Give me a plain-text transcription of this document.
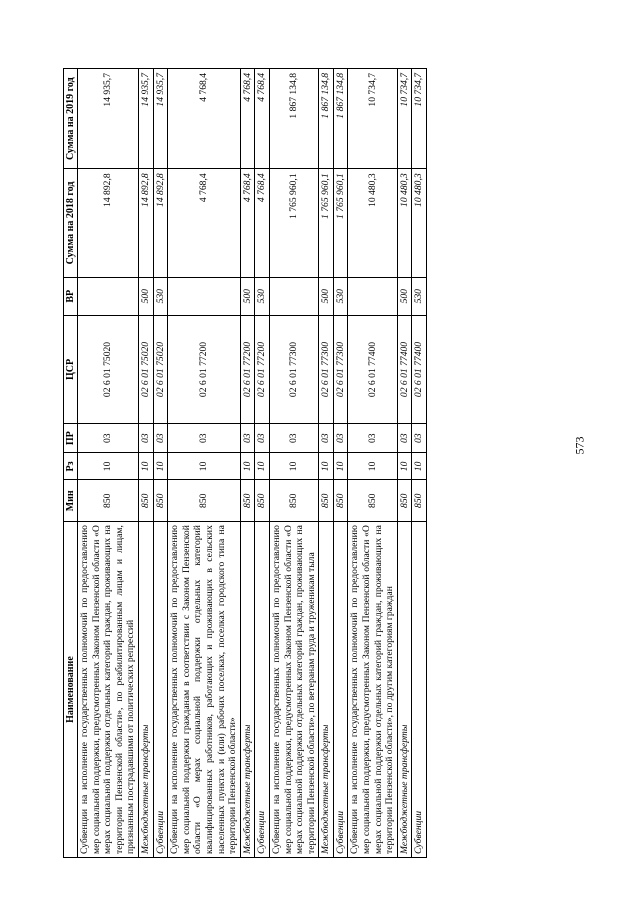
573
Наименование	Мин	Рз	ПР	ЦСР	ВР	Сумма на 2018 год	Сумма на 2019 год
Субвенции на исполнение государственных полномочий по предоставлению мер социальной поддержки, предусмотренных Законом Пензенской области «О мерах социальной поддержки отдельных категорий граждан, проживающих на территории Пензенской области», по реабилитированным лицам и лицам, признанным пострадавшими от политических репрессий	850	10	03	02 6 01 75020		14 892,8	14 935,7
Межбюджетные трансферты	850	10	03	02 6 01 75020	500	14 892,8	14 935,7
Субвенции	850	10	03	02 6 01 75020	530	14 892,8	14 935,7
Субвенции на исполнение государственных полномочий по предоставлению мер социальной поддержки гражданам в соответствии с Законом Пензенской области «О мерах социальной поддержки отдельных категорий квалифицированных работников, работающих и проживающих в сельских населенных пунктах и (или) рабочих поселках, поселках городского типа на территории Пензенской области»	850	10	03	02 6 01 77200		4 768,4	4 768,4
Межбюджетные трансферты	850	10	03	02 6 01 77200	500	4 768,4	4 768,4
Субвенции	850	10	03	02 6 01 77200	530	4 768,4	4 768,4
Субвенции на исполнение государственных полномочий по предоставлению мер социальной поддержки, предусмотренных Законом Пензенской области «О мерах социальной поддержки отдельных категорий граждан, проживающих на территории Пензенской области», по ветеранам труда и труженикам тыла	850	10	03	02 6 01 77300		1 765 960,1	1 867 134,8
Межбюджетные трансферты	850	10	03	02 6 01 77300	500	1 765 960,1	1 867 134,8
Субвенции	850	10	03	02 6 01 77300	530	1 765 960,1	1 867 134,8
Субвенции на исполнение государственных полномочий по предоставлению мер социальной поддержки, предусмотренных Законом Пензенской области «О мерах социальной поддержки отдельных категорий граждан, проживающих на территории Пензенской области», по другим категориям граждан	850	10	03	02 6 01 77400		10 480,3	10 734,7
Межбюджетные трансферты	850	10	03	02 6 01 77400	500	10 480,3	10 734,7
Субвенции	850	10	03	02 6 01 77400	530	10 480,3	10 734,7
